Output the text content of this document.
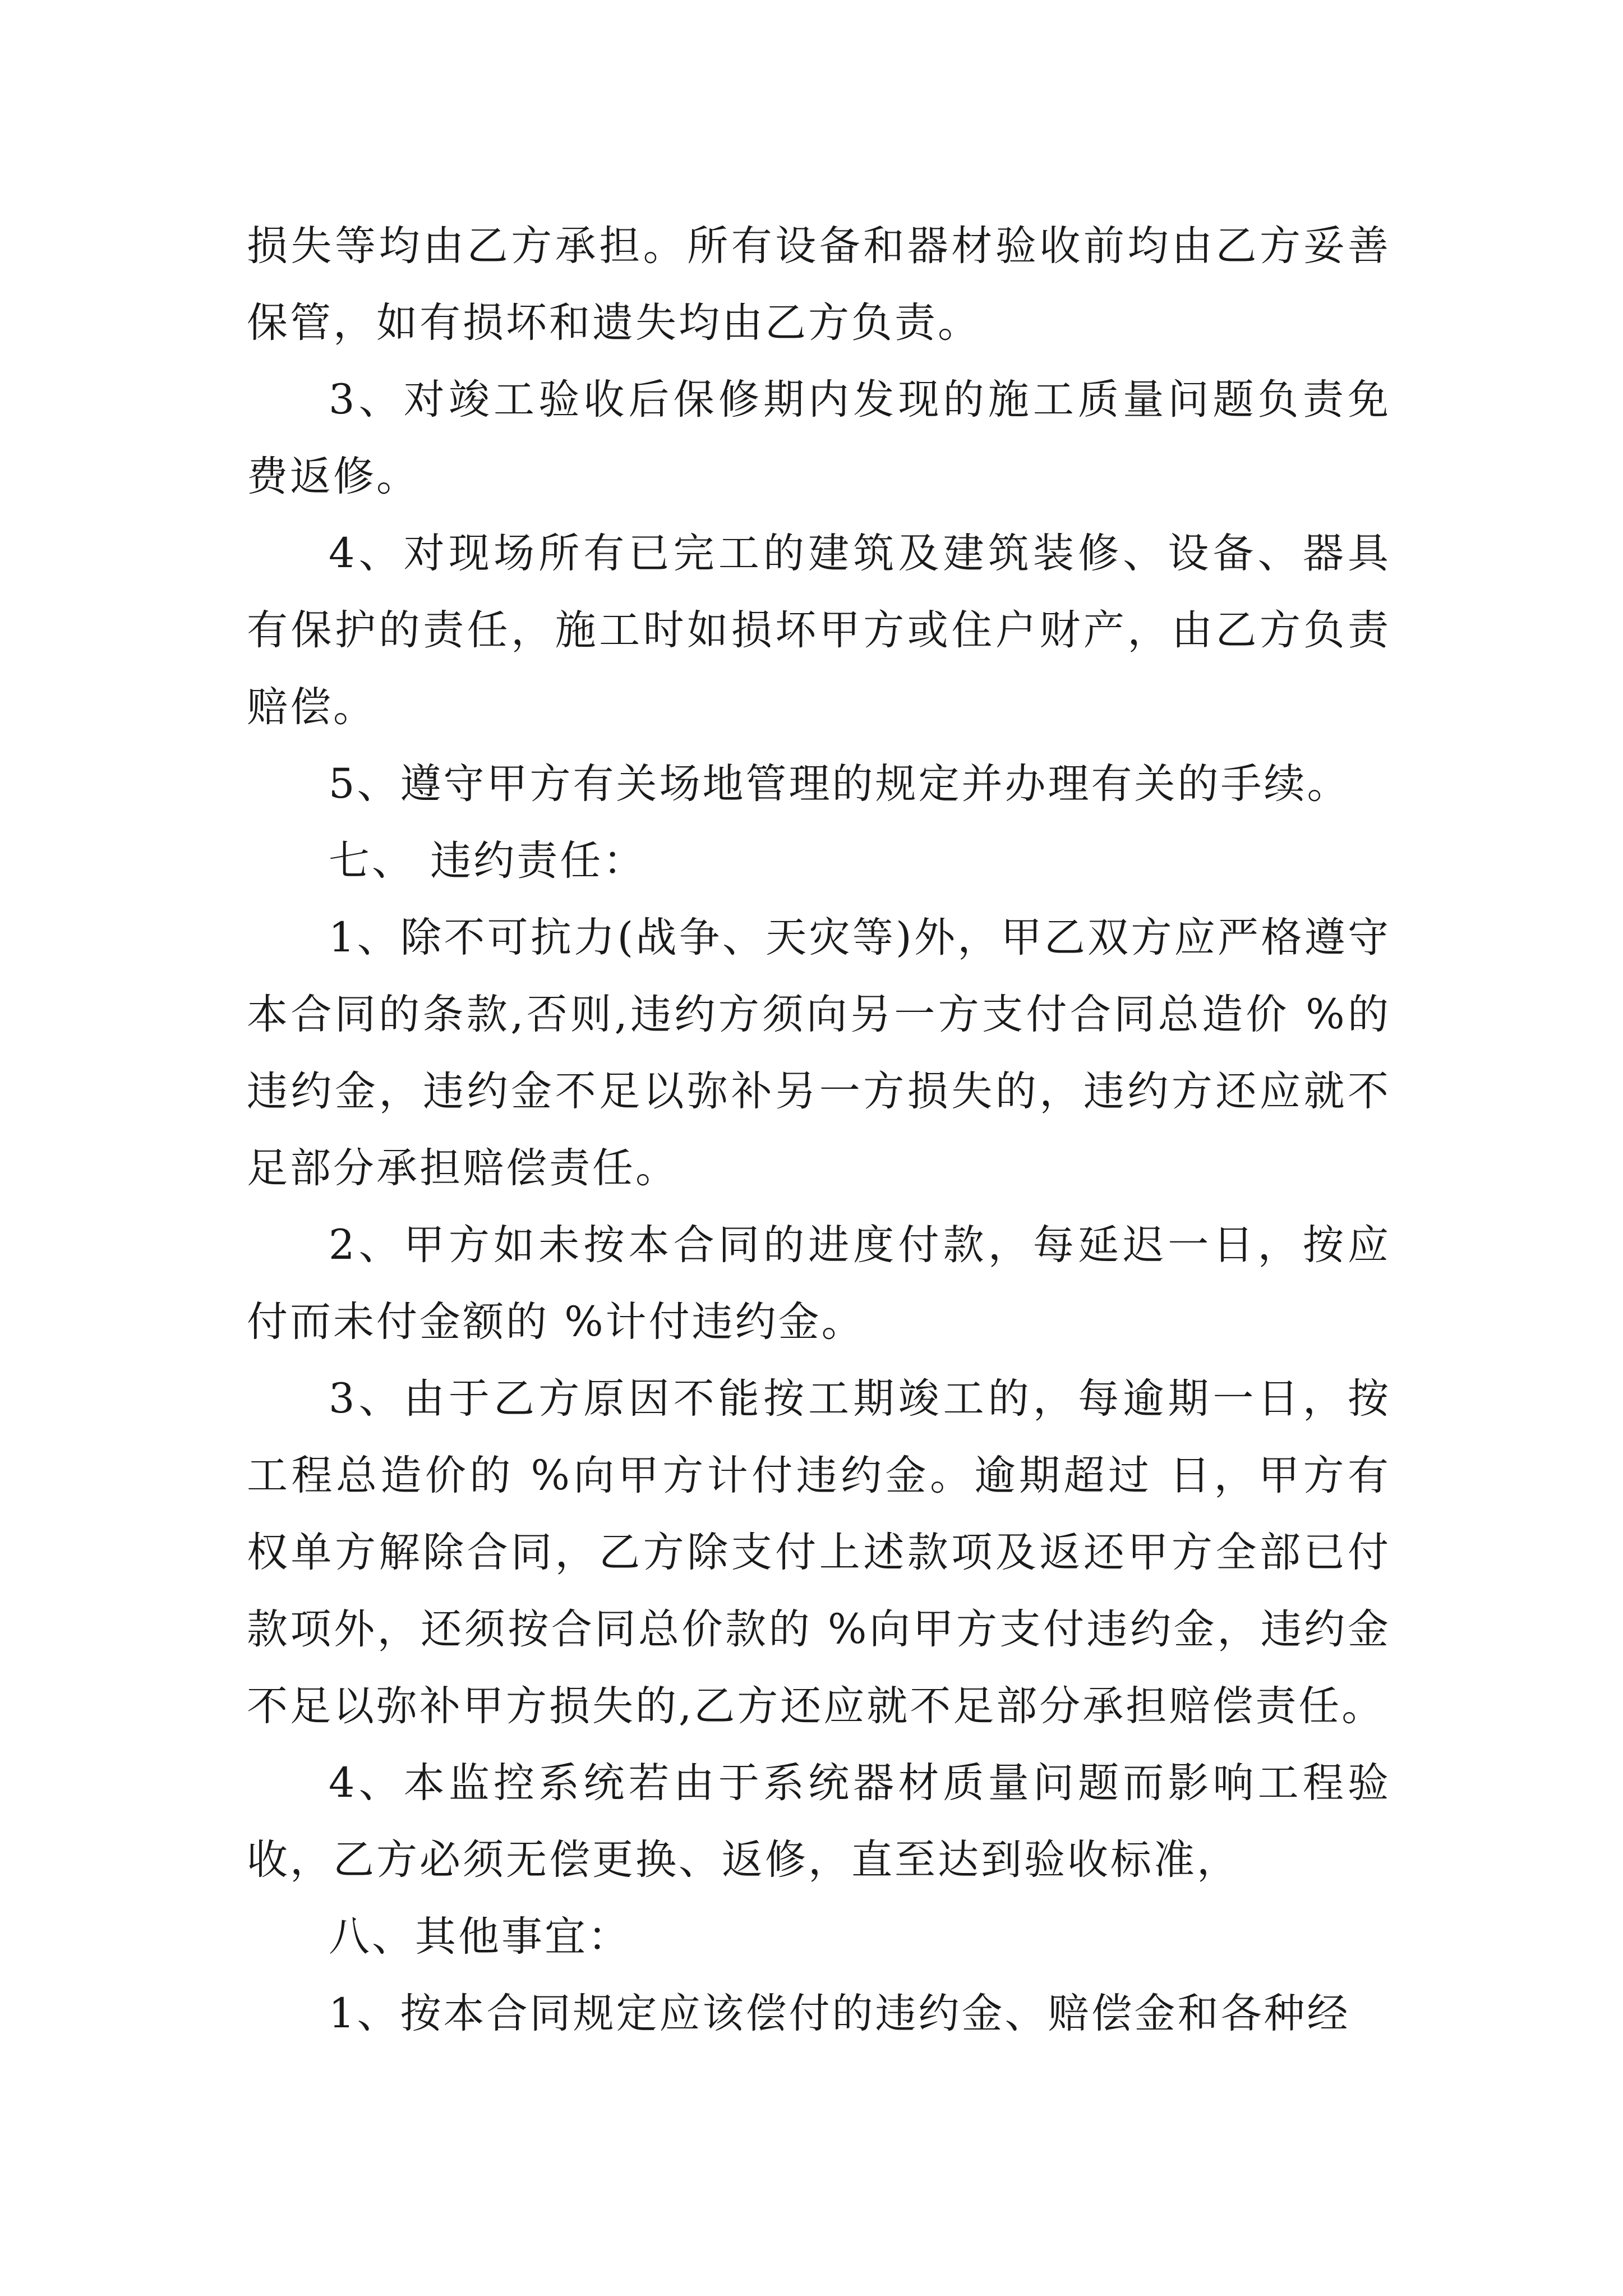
损失等均由乙方承担。所有设备和器材验收前均由乙方妥善保管，如有损坏和遗失均由乙方负责。

3、对竣工验收后保修期内发现的施工质量问题负责免费返修。

4、对现场所有已完工的建筑及建筑装修、设备、器具有保护的责任，施工时如损坏甲方或住户财产，由乙方负责赔偿。

5、遵守甲方有关场地管理的规定并办理有关的手续。

七、 违约责任：

1、除不可抗力(战争、天灾等)外，甲乙双方应严格遵守本合同的条款,否则,违约方须向另一方支付合同总造价 %的违约金，违约金不足以弥补另一方损失的，违约方还应就不足部分承担赔偿责任。

2、甲方如未按本合同的进度付款，每延迟一日，按应付而未付金额的 %计付违约金。

3、由于乙方原因不能按工期竣工的，每逾期一日，按工程总造价的 %向甲方计付违约金。逾期超过 日，甲方有权单方解除合同，乙方除支付上述款项及返还甲方全部已付款项外，还须按合同总价款的 %向甲方支付违约金，违约金不足以弥补甲方损失的,乙方还应就不足部分承担赔偿责任。

4、本监控系统若由于系统器材质量问题而影响工程验收，乙方必须无偿更换、返修，直至达到验收标准，

八、其他事宜：

1、按本合同规定应该偿付的违约金、赔偿金和各种经
